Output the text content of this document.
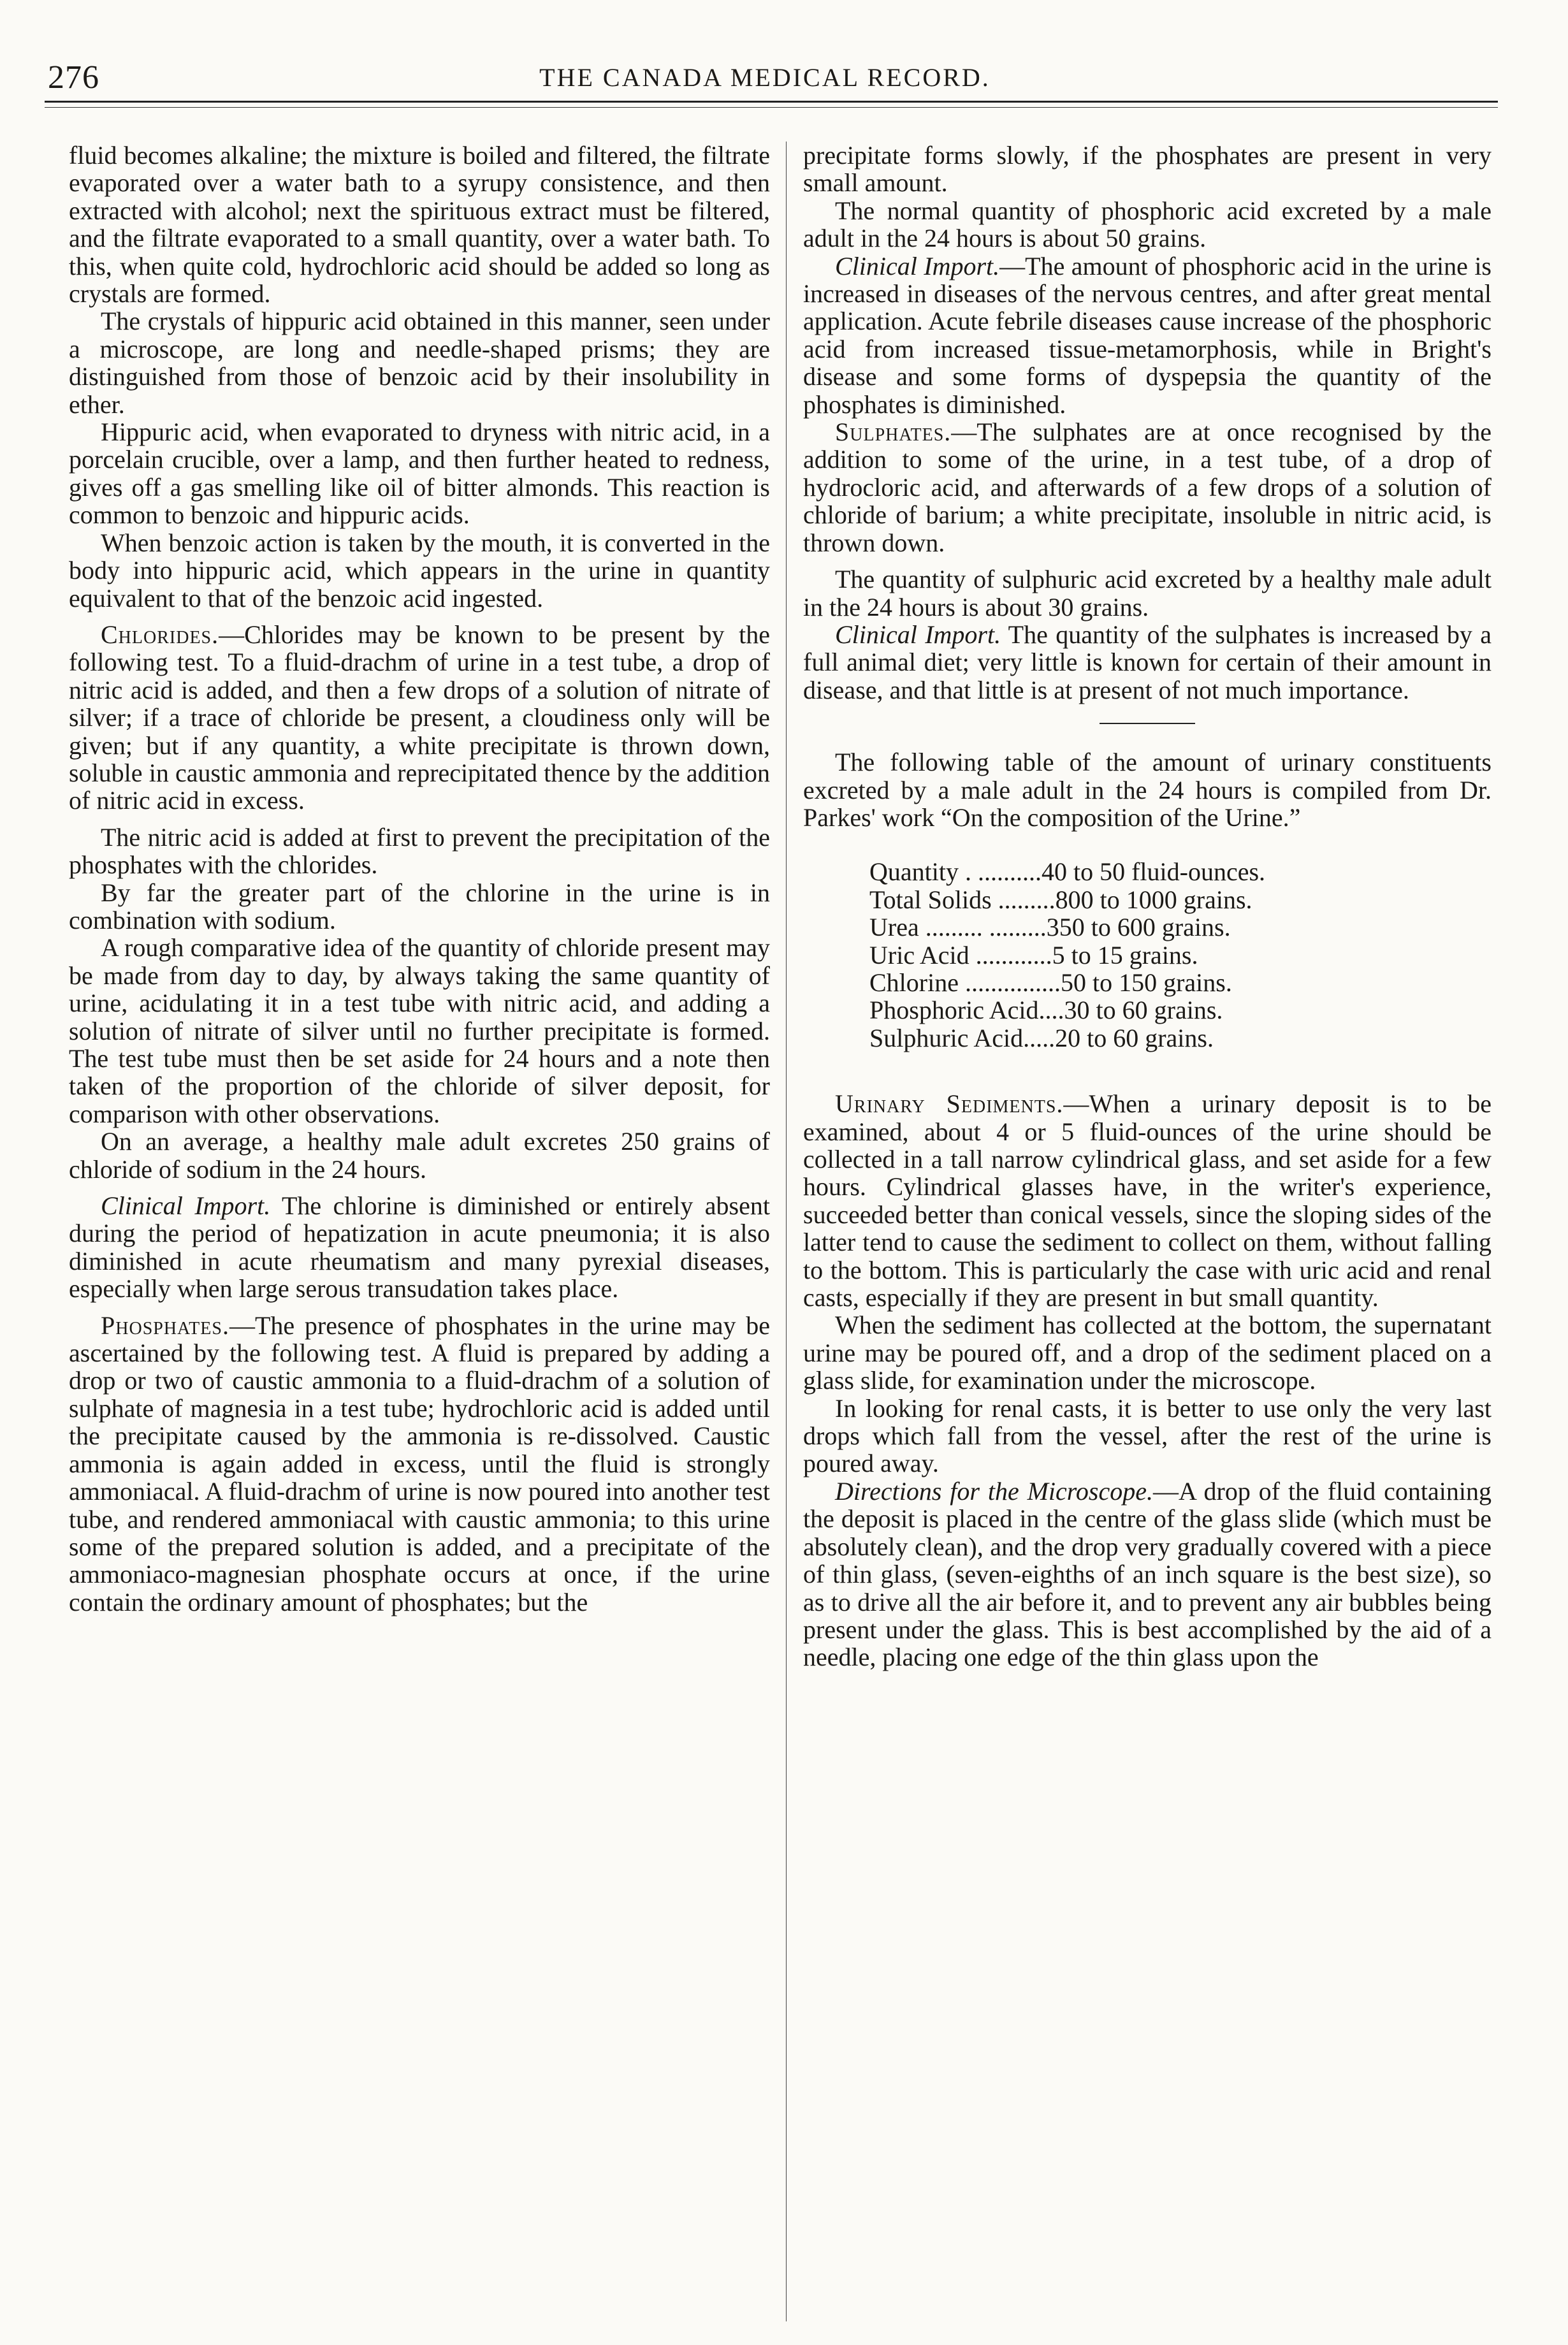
276	THE CANADA MEDICAL RECORD.

fluid becomes alkaline; the mixture is boiled and filtered, the filtrate evaporated over a water bath to a syrupy consistence, and then extracted with alcohol; next the spirituous extract must be filtered, and the filtrate evaporated to a small quantity, over a water bath. To this, when quite cold, hydrochloric acid should be added so long as crystals are formed.

The crystals of hippuric acid obtained in this manner, seen under a microscope, are long and needle-shaped prisms; they are distinguished from those of benzoic acid by their insolubility in ether.

Hippuric acid, when evaporated to dryness with nitric acid, in a porcelain crucible, over a lamp, and then further heated to redness, gives off a gas smelling like oil of bitter almonds. This reaction is common to benzoic and hippuric acids.

When benzoic action is taken by the mouth, it is converted in the body into hippuric acid, which appears in the urine in quantity equivalent to that of the benzoic acid ingested.

Chlorides.—Chlorides may be known to be present by the following test. To a fluid-drachm of urine in a test tube, a drop of nitric acid is added, and then a few drops of a solution of nitrate of silver; if a trace of chloride be present, a cloudiness only will be given; but if any quantity, a white precipitate is thrown down, soluble in caustic ammonia and reprecipitated thence by the addition of nitric acid in excess.

The nitric acid is added at first to prevent the precipitation of the phosphates with the chlorides.

By far the greater part of the chlorine in the urine is in combination with sodium.

A rough comparative idea of the quantity of chloride present may be made from day to day, by always taking the same quantity of urine, acidulating it in a test tube with nitric acid, and adding a solution of nitrate of silver until no further precipitate is formed. The test tube must then be set aside for 24 hours and a note then taken of the proportion of the chloride of silver deposit, for comparison with other observations.

On an average, a healthy male adult excretes 250 grains of chloride of sodium in the 24 hours.

Clinical Import. The chlorine is diminished or entirely absent during the period of hepatization in acute pneumonia; it is also diminished in acute rheumatism and many pyrexial diseases, especially when large serous transudation takes place.

Phosphates.—The presence of phosphates in the urine may be ascertained by the following test. A fluid is prepared by adding a drop or two of caustic ammonia to a fluid-drachm of a solution of sulphate of magnesia in a test tube; hydrochloric acid is added until the precipitate caused by the ammonia is re-dissolved. Caustic ammonia is again added in excess, until the fluid is strongly ammoniacal. A fluid-drachm of urine is now poured into another test tube, and rendered ammoniacal with caustic ammonia; to this urine some of the prepared solution is added, and a precipitate of the ammoniaco-magnesian phosphate occurs at once, if the urine contain the ordinary amount of phosphates; but the

precipitate forms slowly, if the phosphates are present in very small amount.

The normal quantity of phosphoric acid excreted by a male adult in the 24 hours is about 50 grains.

Clinical Import.—The amount of phosphoric acid in the urine is increased in diseases of the nervous centres, and after great mental application. Acute febrile diseases cause increase of the phosphoric acid from increased tissue-metamorphosis, while in Bright's disease and some forms of dyspepsia the quantity of the phosphates is diminished.

Sulphates.—The sulphates are at once recognised by the addition to some of the urine, in a test tube, of a drop of hydrocloric acid, and afterwards of a few drops of a solution of chloride of barium; a white precipitate, insoluble in nitric acid, is thrown down.

The quantity of sulphuric acid excreted by a healthy male adult in the 24 hours is about 30 grains.

Clinical Import. The quantity of the sulphates is increased by a full animal diet; very little is known for certain of their amount in disease, and that little is at present of not much importance.

The following table of the amount of urinary constituents excreted by a male adult in the 24 hours is compiled from Dr. Parkes' work “On the composition of the Urine.”

Quantity . .......... 40 to 50 fluid-ounces.
Total Solids ......... 800 to 1000 grains.
Urea ......... ......... 350 to 600 grains.
Uric Acid ............ 5 to 15 grains.
Chlorine ............... 50 to 150 grains.
Phosphoric Acid.... 30 to 60 grains.
Sulphuric Acid..... 20 to 60 grains.

Urinary Sediments.—When a urinary deposit is to be examined, about 4 or 5 fluid-ounces of the urine should be collected in a tall narrow cylindrical glass, and set aside for a few hours. Cylindrical glasses have, in the writer's experience, succeeded better than conical vessels, since the sloping sides of the latter tend to cause the sediment to collect on them, without falling to the bottom. This is particularly the case with uric acid and renal casts, especially if they are present in but small quantity.

When the sediment has collected at the bottom, the supernatant urine may be poured off, and a drop of the sediment placed on a glass slide, for examination under the microscope.

In looking for renal casts, it is better to use only the very last drops which fall from the vessel, after the rest of the urine is poured away.

Directions for the Microscope.—A drop of the fluid containing the deposit is placed in the centre of the glass slide (which must be absolutely clean), and the drop very gradually covered with a piece of thin glass, (seven-eighths of an inch square is the best size), so as to drive all the air before it, and to prevent any air bubbles being present under the glass. This is best accomplished by the aid of a needle, placing one edge of the thin glass upon the
